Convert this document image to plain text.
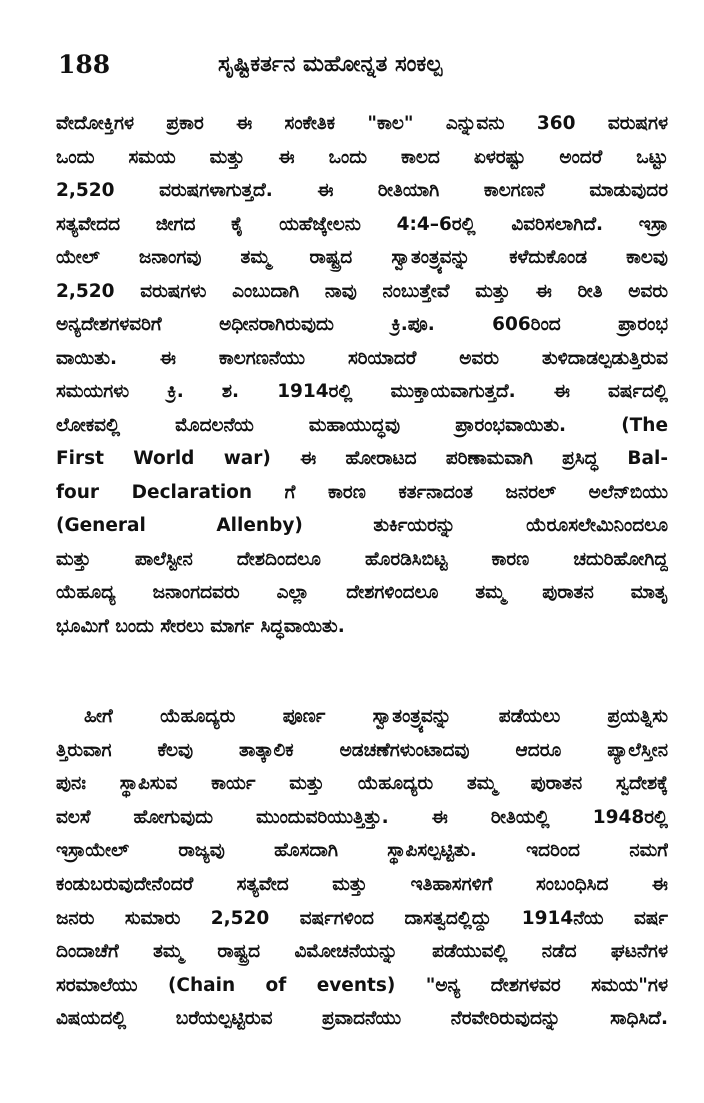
188	ಸೃಷ್ಟಿಕರ್ತನ ಮಹೋನ್ನತ ಸಂಕಲ್ಪ
ವೇದೋಕ್ತಿಗಳ ಪ್ರಕಾರ ಈ ಸಂಕೇತಿಕ "ಕಾಲ" ಎನ್ನುವನು 360 ವರುಷಗಳ
ಒಂದು ಸಮಯ ಮತ್ತು ಈ ಒಂದು ಕಾಲದ ಏಳರಷ್ಟು ಅಂದರೆ ಒಟ್ಟು
2,520 ವರುಷಗಳಾಗುತ್ತದೆ. ಈ ರೀತಿಯಾಗಿ ಕಾಲಗಣನೆ ಮಾಡುವುದರ
ಸತ್ಯವೇದದ ಜೀಗದ ಕೈ ಯಹೆಜ್ಕೇಲನು 4:4–6ರಲ್ಲಿ ವಿವರಿಸಲಾಗಿದೆ. ಇಸ್ರಾ
ಯೇಲ್ ಜನಾಂಗವು ತಮ್ಮ ರಾಷ್ಟ್ರದ ಸ್ವಾತಂತ್ರ್ಯವನ್ನು ಕಳೆದುಕೊಂಡ ಕಾಲವು
2,520 ವರುಷಗಳು ಎಂಬುದಾಗಿ ನಾವು ನಂಬುತ್ತೇವೆ ಮತ್ತು ಈ ರೀತಿ ಅವರು
ಅನ್ಯದೇಶಗಳವರಿಗೆ ಅಧೀನರಾಗಿರುವುದು ಕ್ರಿ.ಪೂ. 606ರಿಂದ ಪ್ರಾರಂಭ
ವಾಯಿತು. ಈ ಕಾಲಗಣನೆಯು ಸರಿಯಾದರೆ ಅವರು ತುಳಿದಾಡಲ್ಪಡುತ್ತಿರುವ
ಸಮಯಗಳು ಕ್ರಿ. ಶ. 1914ರಲ್ಲಿ ಮುಕ್ತಾಯವಾಗುತ್ತದೆ. ಈ ವರ್ಷದಲ್ಲಿ
ಲೋಕವಲ್ಲಿ ಮೊದಲನೆಯ ಮಹಾಯುದ್ಧವು ಪ್ರಾರಂಭವಾಯಿತು. (The
First World war) ಈ ಹೋರಾಟದ ಪರಿಣಾಮವಾಗಿ ಪ್ರಸಿದ್ಧ Bal-
four Declaration ಗೆ ಕಾರಣ ಕರ್ತನಾದಂತ ಜನರಲ್ ಅಲೆನ್‌ಬಿಯು
(General Allenby) ತುರ್ಕಿಯರನ್ನು ಯೆರೂಸಲೇಮಿನಿಂದಲೂ
ಮತ್ತು ಪಾಲೆಸ್ಟೀನ ದೇಶದಿಂದಲೂ ಹೊರಡಿಸಿಬಿಟ್ಟ ಕಾರಣ ಚದುರಿಹೋಗಿದ್ದ
ಯೆಹೂದ್ಯ ಜನಾಂಗದವರು ಎಲ್ಲಾ ದೇಶಗಳಿಂದಲೂ ತಮ್ಮ ಪುರಾತನ ಮಾತೃ
ಭೂಮಿಗೆ ಬಂದು ಸೇರಲು ಮಾರ್ಗ ಸಿದ್ಧವಾಯಿತು.
ಹೀಗೆ ಯೆಹೂದ್ಯರು ಪೂರ್ಣ ಸ್ವಾತಂತ್ರ್ಯವನ್ನು ಪಡೆಯಲು ಪ್ರಯತ್ನಿಸು
ತ್ತಿರುವಾಗ ಕೆಲವು ತಾತ್ಕಾಲಿಕ ಅಡಚಣೆಗಳುಂಟಾದವು ಆದರೂ ಪ್ಯಾಲೆಸ್ತೀನ
ಪುನಃ ಸ್ಥಾಪಿಸುವ ಕಾರ್ಯ ಮತ್ತು ಯೆಹೂದ್ಯರು ತಮ್ಮ ಪುರಾತನ ಸ್ವದೇಶಕ್ಕೆ
ವಲಸೆ ಹೋಗುವುದು ಮುಂದುವರಿಯುತ್ತಿತ್ತು. ಈ ರೀತಿಯಲ್ಲಿ 1948ರಲ್ಲಿ
ಇಸ್ರಾಯೇಲ್ ರಾಜ್ಯವು ಹೊಸದಾಗಿ ಸ್ಥಾಪಿಸಲ್ಪಟ್ಟಿತು. ಇದರಿಂದ ನಮಗೆ
ಕಂಡುಬರುವುದೇನೆಂದರೆ ಸತ್ಯವೇದ ಮತ್ತು ಇತಿಹಾಸಗಳಿಗೆ ಸಂಬಂಧಿಸಿದ ಈ
ಜನರು ಸುಮಾರು 2,520 ವರ್ಷಗಳಿಂದ ದಾಸತ್ವದಲ್ಲಿದ್ದು 1914ನೆಯ ವರ್ಷ
ದಿಂದಾಚೆಗೆ ತಮ್ಮ ರಾಷ್ಟ್ರದ ವಿಮೋಚನೆಯನ್ನು ಪಡೆಯುವಲ್ಲಿ ನಡೆದ ಘಟನೆಗಳ
ಸರಮಾಲೆಯು (Chain of events) "ಅನ್ಯ ದೇಶಗಳವರ ಸಮಯ"ಗಳ
ವಿಷಯದಲ್ಲಿ ಬರೆಯಲ್ಪಟ್ಟಿರುವ ಪ್ರವಾದನೆಯು ನೆರವೇರಿರುವುದನ್ನು ಸಾಧಿಸಿದೆ.
